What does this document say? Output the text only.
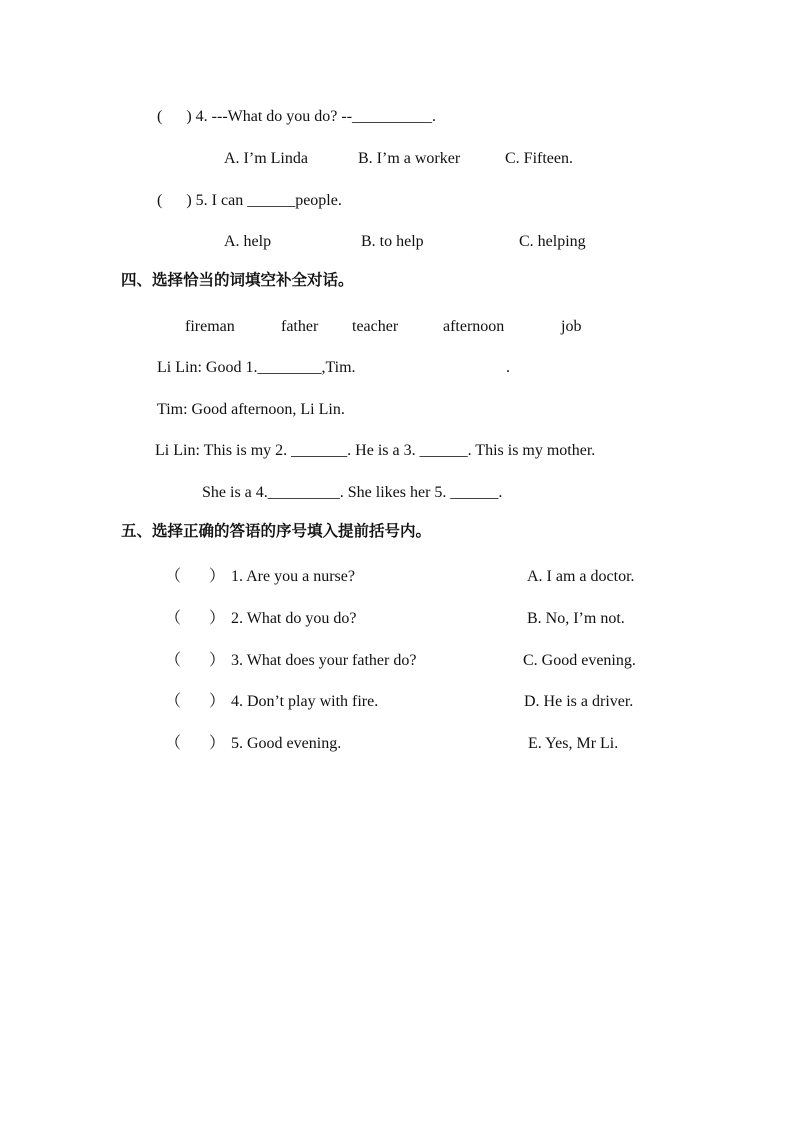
(      ) 4. ---What do you do? --__________.
A. I’m Linda	B. I’m a worker	C. Fifteen.
(      ) 5. I can ______people.
A. help	B. to help	C. helping
四、选择恰当的词填空补全对话。
fireman	father teacher	afternoon	job
Li Lin: Good 1.________,Tim.	.
Tim: Good afternoon, Li Lin.
Li Lin: This is my 2. _______. He is a 3. ______. This is my mother.
She is a 4._________. She likes her 5. ______.
五、选择正确的答语的序号填入提前括号内。
（       ） 1. Are you a nurse?	A. I am a doctor.
（       ） 2. What do you do?	B. No, I’m not.
（       ） 3. What does your father do?	C. Good evening.
（       ） 4. Don’t play with fire.	D. He is a driver.
（       ） 5. Good evening.	E. Yes, Mr Li.
